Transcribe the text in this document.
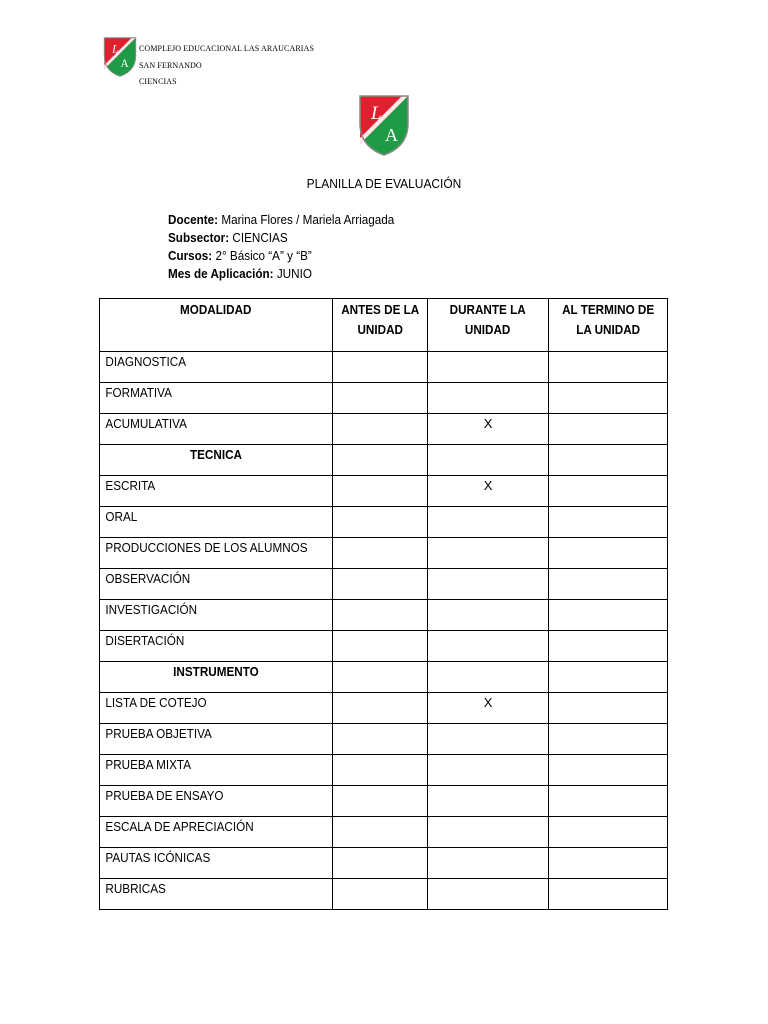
L
A
COMPLEJO EDUCACIONAL LAS ARAUCARIAS
SAN FERNANDO
CIENCIAS
L
A
PLANILLA DE EVALUACIÓN
Docente: Marina Flores / Mariela Arriagada
Subsector: CIENCIAS
Cursos: 2° Básico “A” y “B”
Mes de Aplicación: JUNIO
MODALIDAD	ANTES DE LA UNIDAD	DURANTE LA UNIDAD	AL TERMINO DE LA UNIDAD
DIAGNOSTICA	

FORMATIVA	

ACUMULATIVA		X	

TECNICA			

ESCRITA		X	

ORAL	

PRODUCCIONES DE LOS ALUMNOS	

OBSERVACIÓN	

INVESTIGACIÓN	

DISERTACIÓN	

INSTRUMENTO			

LISTA DE COTEJO		X	

PRUEBA OBJETIVA	

PRUEBA MIXTA	

PRUEBA DE ENSAYO	

ESCALA DE APRECIACIÓN	

PAUTAS ICÓNICAS	

RUBRICAS	
